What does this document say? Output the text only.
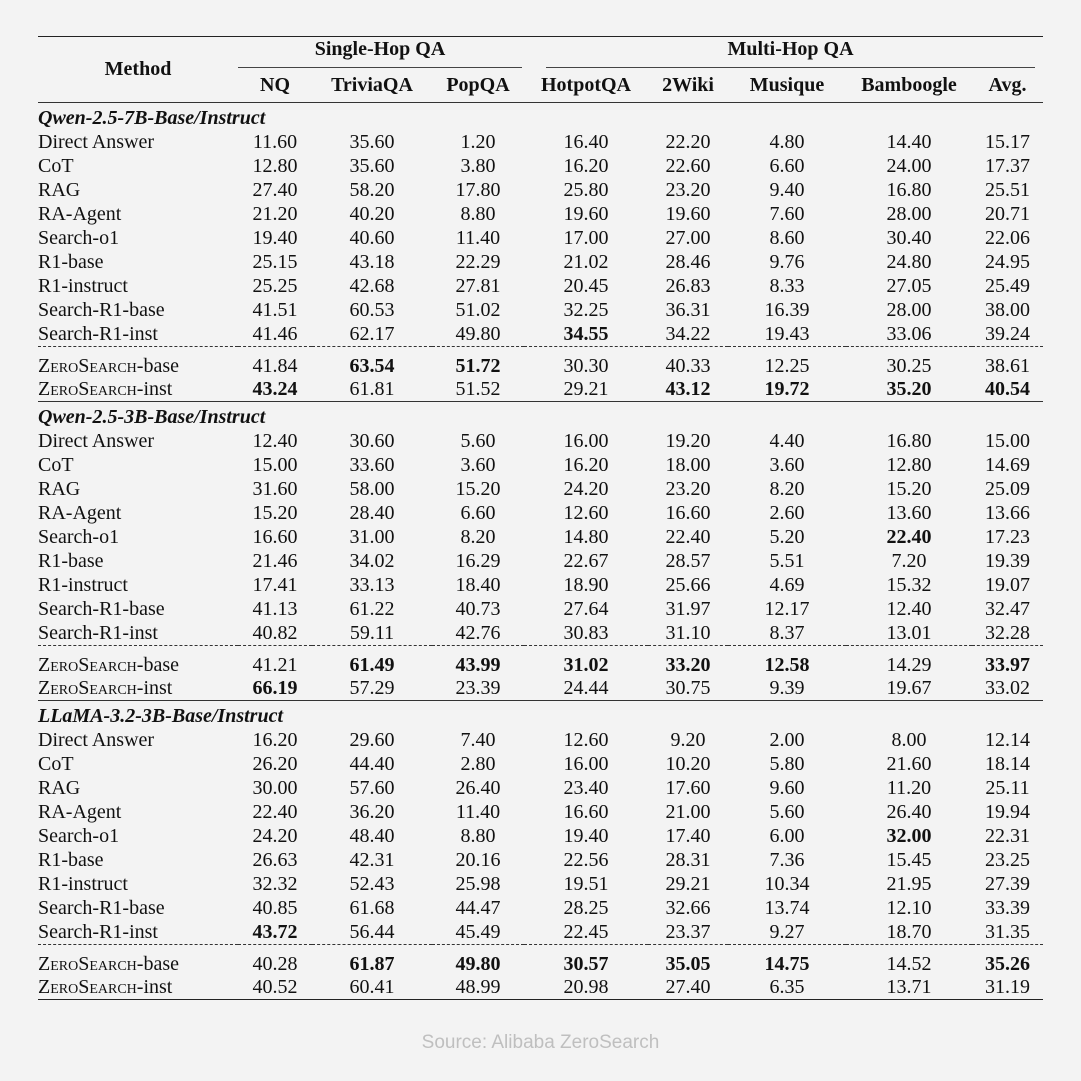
Method	Single-Hop QA			Multi-Hop QA				

	NQ	TriviaQA	PopQA	HotpotQA	2Wiki	Musique	Bamboogle	Avg.

Qwen-2.5-7B-Base/Instruct								
Direct Answer	11.60	35.60	1.20	16.40	22.20	4.80	14.40	15.17
CoT	12.80	35.60	3.80	16.20	22.60	6.60	24.00	17.37
RAG	27.40	58.20	17.80	25.80	23.20	9.40	16.80	25.51
RA-Agent	21.20	40.20	8.80	19.60	19.60	7.60	28.00	20.71
Search-o1	19.40	40.60	11.40	17.00	27.00	8.60	30.40	22.06
R1-base	25.15	43.18	22.29	21.02	28.46	9.76	24.80	24.95
R1-instruct	25.25	42.68	27.81	20.45	26.83	8.33	27.05	25.49
Search-R1-base	41.51	60.53	51.02	32.25	36.31	16.39	28.00	38.00
Search-R1-inst	41.46	62.17	49.80	34.55	34.22	19.43	33.06	39.24
ZeroSearch-base	41.84	63.54	51.72	30.30	40.33	12.25	30.25	38.61
ZeroSearch-inst	43.24	61.81	51.52	29.21	43.12	19.72	35.20	40.54

Qwen-2.5-3B-Base/Instruct								
Direct Answer	12.40	30.60	5.60	16.00	19.20	4.40	16.80	15.00
CoT	15.00	33.60	3.60	16.20	18.00	3.60	12.80	14.69
RAG	31.60	58.00	15.20	24.20	23.20	8.20	15.20	25.09
RA-Agent	15.20	28.40	6.60	12.60	16.60	2.60	13.60	13.66
Search-o1	16.60	31.00	8.20	14.80	22.40	5.20	22.40	17.23
R1-base	21.46	34.02	16.29	22.67	28.57	5.51	7.20	19.39
R1-instruct	17.41	33.13	18.40	18.90	25.66	4.69	15.32	19.07
Search-R1-base	41.13	61.22	40.73	27.64	31.97	12.17	12.40	32.47
Search-R1-inst	40.82	59.11	42.76	30.83	31.10	8.37	13.01	32.28
ZeroSearch-base	41.21	61.49	43.99	31.02	33.20	12.58	14.29	33.97
ZeroSearch-inst	66.19	57.29	23.39	24.44	30.75	9.39	19.67	33.02

LLaMA-3.2-3B-Base/Instruct								
Direct Answer	16.20	29.60	7.40	12.60	9.20	2.00	8.00	12.14
CoT	26.20	44.40	2.80	16.00	10.20	5.80	21.60	18.14
RAG	30.00	57.60	26.40	23.40	17.60	9.60	11.20	25.11
RA-Agent	22.40	36.20	11.40	16.60	21.00	5.60	26.40	19.94
Search-o1	24.20	48.40	8.80	19.40	17.40	6.00	32.00	22.31
R1-base	26.63	42.31	20.16	22.56	28.31	7.36	15.45	23.25
R1-instruct	32.32	52.43	25.98	19.51	29.21	10.34	21.95	27.39
Search-R1-base	40.85	61.68	44.47	28.25	32.66	13.74	12.10	33.39
Search-R1-inst	43.72	56.44	45.49	22.45	23.37	9.27	18.70	31.35
ZeroSearch-base	40.28	61.87	49.80	30.57	35.05	14.75	14.52	35.26
ZeroSearch-inst	40.52	60.41	48.99	20.98	27.40	6.35	13.71	31.19

Source: Alibaba ZeroSearch
